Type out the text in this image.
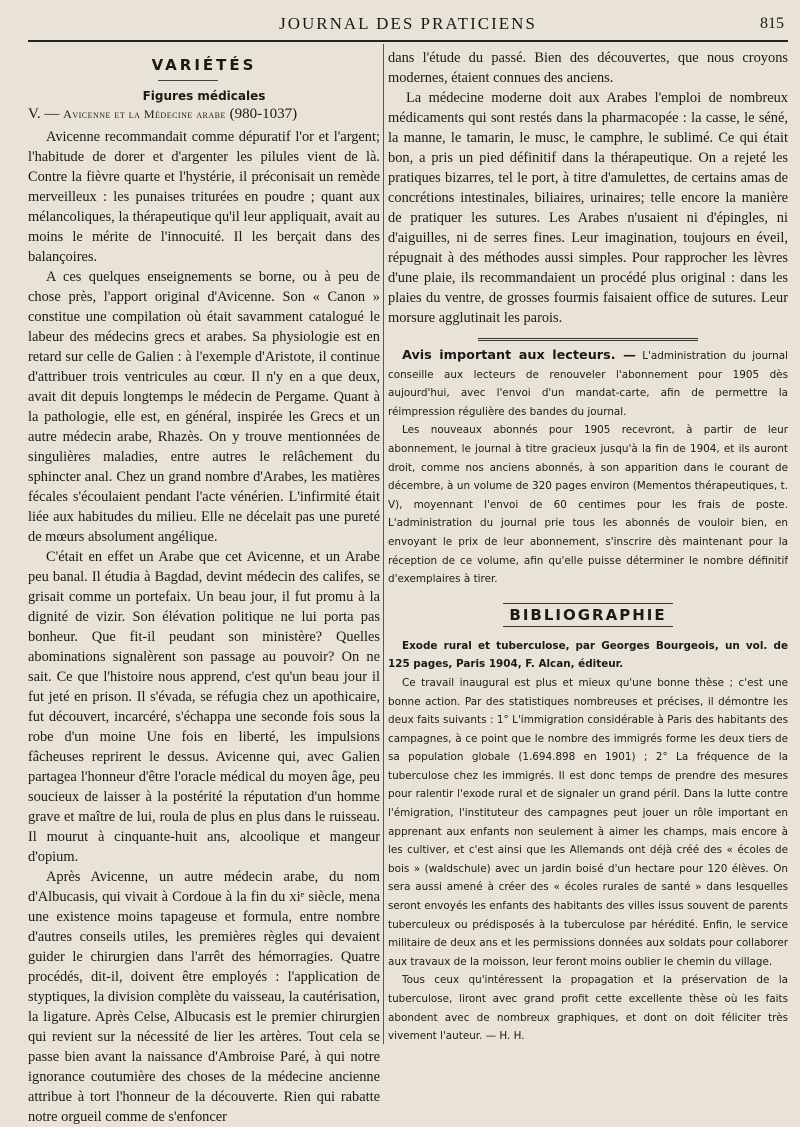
JOURNAL DES PRATICIENS	815
VARIÉTÉS
Figures médicales
V. — Avicenne et la Médecine arabe (980-1037)

Avicenne recommandait comme dépuratif l'or et l'argent; l'habitude de dorer et d'argenter les pilules vient de là. Contre la fièvre quarte et l'hystérie, il préconisait un remède merveilleux : les punaises triturées en poudre ; quant aux mélancoliques, la thérapeutique qu'il leur appliquait, avait au moins le mérite de l'innocuité. Il les berçait dans des balançoires.

A ces quelques enseignements se borne, ou à peu de chose près, l'apport original d'Avicenne. Son « Canon » constitue une compilation où était savamment catalogué le labeur des médecins grecs et arabes. Sa physiologie est en retard sur celle de Galien : à l'exemple d'Aristote, il continue d'attribuer trois ventricules au cœur. Il n'y en a que deux, avait dit depuis longtemps le médecin de Pergame. Quant à la pathologie, elle est, en général, inspirée les Grecs et un autre médecin arabe, Rhazès. On y trouve mentionnées de singulières maladies, entre autres le relâchement du sphincter anal. Chez un grand nombre d'Arabes, les matières fécales s'écoulaient pendant l'acte vénérien. L'infirmité était liée aux habitudes du milieu. Elle ne décelait pas une pureté de mœurs absolument angélique.

C'était en effet un Arabe que cet Avicenne, et un Arabe peu banal. Il étudia à Bagdad, devint médecin des califes, se grisait comme un portefaix. Un beau jour, il fut promu à la dignité de vizir. Son élévation politique ne lui porta pas bonheur. Que fit-il peudant son ministère? Quelles abominations signalèrent son passage au pouvoir? On ne sait. Ce que l'histoire nous apprend, c'est qu'un beau jour il fut jeté en prison. Il s'évada, se réfugia chez un apothicaire, fut découvert, incarcéré, s'échappa une seconde fois sous la robe d'un moine Une fois en liberté, les impulsions fâcheuses reprirent le dessus. Avicenne qui, avec Galien partagea l'honneur d'être l'oracle médical du moyen âge, peu soucieux de laisser à la postérité la réputation d'un homme grave et maître de lui, roula de plus en plus dans le ruisseau. Il mourut à cinquante-huit ans, alcoolique et mangeur d'opium.

Après Avicenne, un autre médecin arabe, du nom d'Albucasis, qui vivait à Cordoue à la fin du xiᵉ siècle, mena une existence moins tapageuse et formula, entre nombre d'autres conseils utiles, les premières règles qui devaient guider le chirurgien dans l'arrêt des hémorragies. Quatre procédés, dit-il, doivent être employés : l'application de styptiques, la division complète du vaisseau, la cautérisation, la ligature. Après Celse, Albucasis est le premier chirurgien qui revient sur la nécessité de lier les artères. Tout cela se passe bien avant la naissance d'Ambroise Paré, à qui notre ignorance coutumière des choses de la médecine ancienne attribue à tort l'honneur de la découverte. Rien qui rabatte notre orgueil comme de s'enfoncer

dans l'étude du passé. Bien des découvertes, que nous croyons modernes, étaient connues des anciens.

La médecine moderne doit aux Arabes l'emploi de nombreux médicaments qui sont restés dans la pharmacopée : la casse, le séné, la manne, le tamarin, le musc, le camphre, le sublimé. Ce qui était bon, a pris un pied définitif dans la thérapeutique. On a rejeté les pratiques bizarres, tel le port, à titre d'amulettes, de certains amas de concrétions intestinales, biliaires, urinaires; telle encore la manière de pratiquer les sutures. Les Arabes n'usaient ni d'épingles, ni d'aiguilles, ni de serres fines. Leur imagination, toujours en éveil, répugnait à des méthodes aussi simples. Pour rapprocher les lèvres d'une plaie, ils recommandaient un procédé plus original : dans les plaies du ventre, de grosses fourmis faisaient office de sutures. Leur morsure agglutinait les parois.

Avis important aux lecteurs. — L'administration du journal conseille aux lecteurs de renouveler l'abonnement pour 1905 dès aujourd'hui, avec l'envoi d'un mandat-carte, afin de permettre la réimpression régulière des bandes du journal.

Les nouveaux abonnés pour 1905 recevront, à partir de leur abonnement, le journal à titre gracieux jusqu'à la fin de 1904, et ils auront droit, comme nos anciens abonnés, à son apparition dans le courant de décembre, à un volume de 320 pages environ (Mementos thérapeutiques, t. V), moyennant l'envoi de 60 centimes pour les frais de poste. L'administration du journal prie tous les abonnés de vouloir bien, en envoyant le prix de leur abonnement, s'inscrire dès maintenant pour la réception de ce volume, afin qu'elle puisse déterminer le nombre définitif d'exemplaires à tirer.

BIBLIOGRAPHIE

Exode rural et tuberculose, par Georges Bourgeois, un vol. de 125 pages, Paris 1904, F. Alcan, éditeur.

Ce travail inaugural est plus et mieux qu'une bonne thèse ; c'est une bonne action. Par des statistiques nombreuses et précises, il démontre les deux faits suivants : 1° L'immigration considérable à Paris des habitants des campagnes, à ce point que le nombre des immigrés forme les deux tiers de sa population globale (1.694.898 en 1901) ; 2° La fréquence de la tuberculose chez les immigrés. Il est donc temps de prendre des mesures pour ralentir l'exode rural et de signaler un grand péril. Dans la lutte contre l'émigration, l'instituteur des campagnes peut jouer un rôle important en apprenant aux enfants non seulement à aimer les champs, mais encore à les cultiver, et c'est ainsi que les Allemands ont déjà créé des « écoles de bois » (waldschule) avec un jardin boisé d'un hectare pour 120 élèves. On sera aussi amené à créer des « écoles rurales de santé » dans lesquelles seront envoyés les enfants des habitants des villes issus souvent de parents tuberculeux ou prédisposés à la tuberculose par hérédité. Enfin, le service militaire de deux ans et les permissions données aux soldats pour collaborer aux travaux de la moisson, leur feront moins oublier le chemin du village.

Tous ceux qu'intéressent la propagation et la préservation de la tuberculose, liront avec grand profit cette excellente thèse où les faits abondent avec de nombreux graphiques, et dont on doit féliciter très vivement l'auteur. — H. H.
